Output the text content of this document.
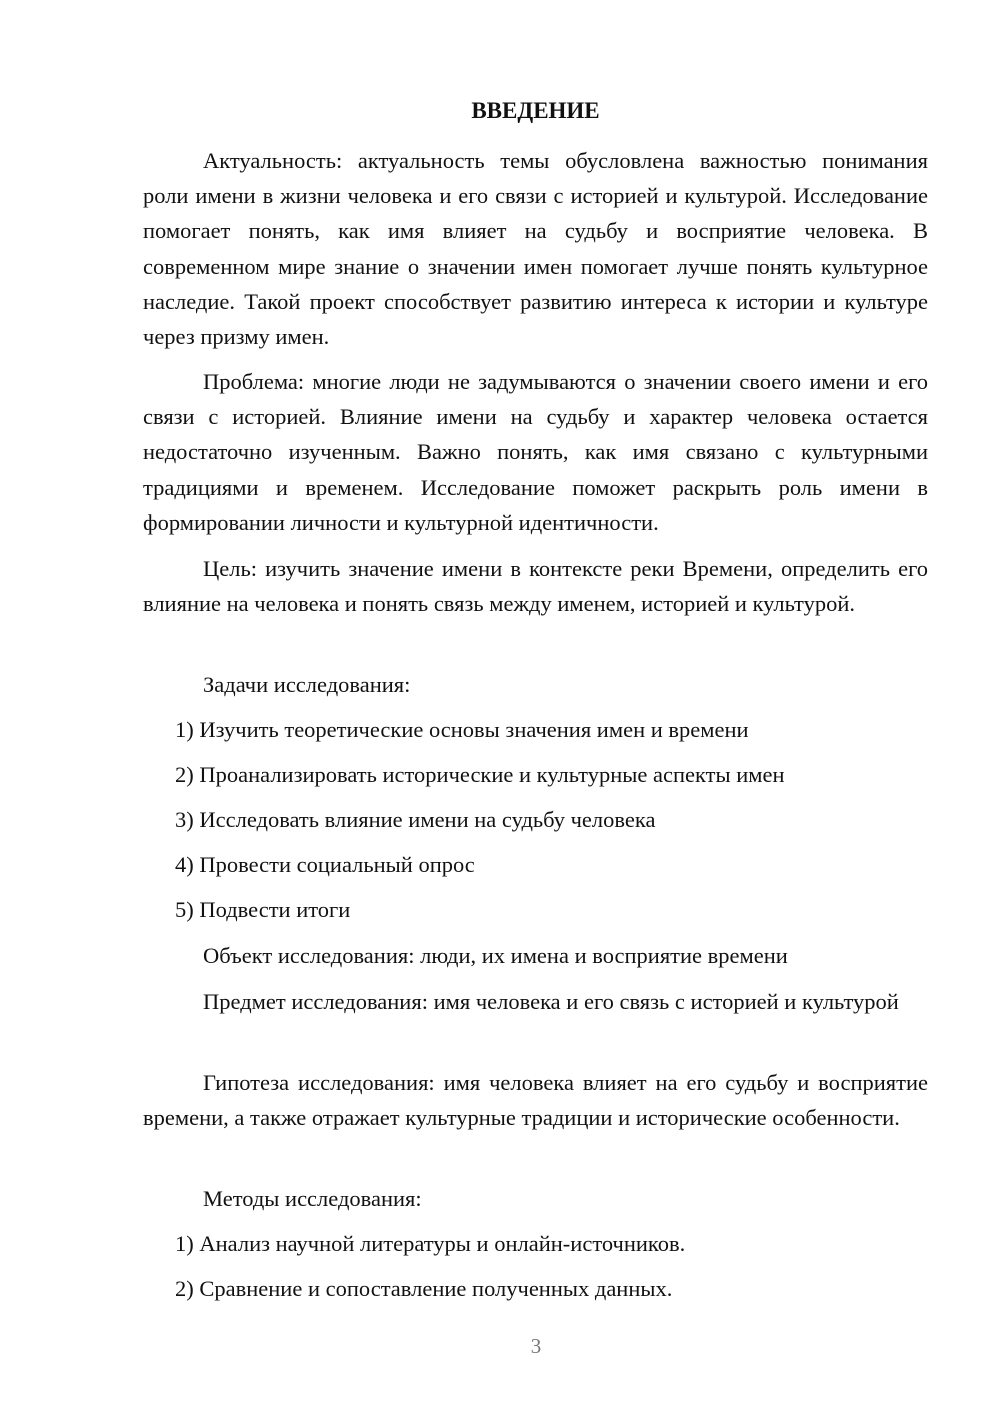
ВВЕДЕНИЕ

Актуальность: актуальность темы обусловлена важностью понимания роли имени в жизни человека и его связи с историей и культурой. Исследование помогает понять, как имя влияет на судьбу и восприятие человека. В современном мире знание о значении имен помогает лучше понять культурное наследие. Такой проект способствует развитию интереса к истории и культуре через призму имен.

Проблема: многие люди не задумываются о значении своего имени и его связи с историей. Влияние имени на судьбу и характер человека остается недостаточно изученным. Важно понять, как имя связано с культурными традициями и временем. Исследование поможет раскрыть роль имени в формировании личности и культурной идентичности.

Цель: изучить значение имени в контексте реки Времени, определить его влияние на человека и понять связь между именем, историей и культурой.

Задачи исследования:

1) Изучить теоретические основы значения имен и времени

2) Проанализировать исторические и культурные аспекты имен

3) Исследовать влияние имени на судьбу человека

4) Провести социальный опрос

5) Подвести итоги

Объект исследования: люди, их имена и восприятие времени

Предмет исследования: имя человека и его связь с историей и культурой

Гипотеза исследования: имя человека влияет на его судьбу и восприятие времени, а также отражает культурные традиции и исторические особенности.

Методы исследования:

1) Анализ научной литературы и онлайн-источников.

2) Сравнение и сопоставление полученных данных.

3
